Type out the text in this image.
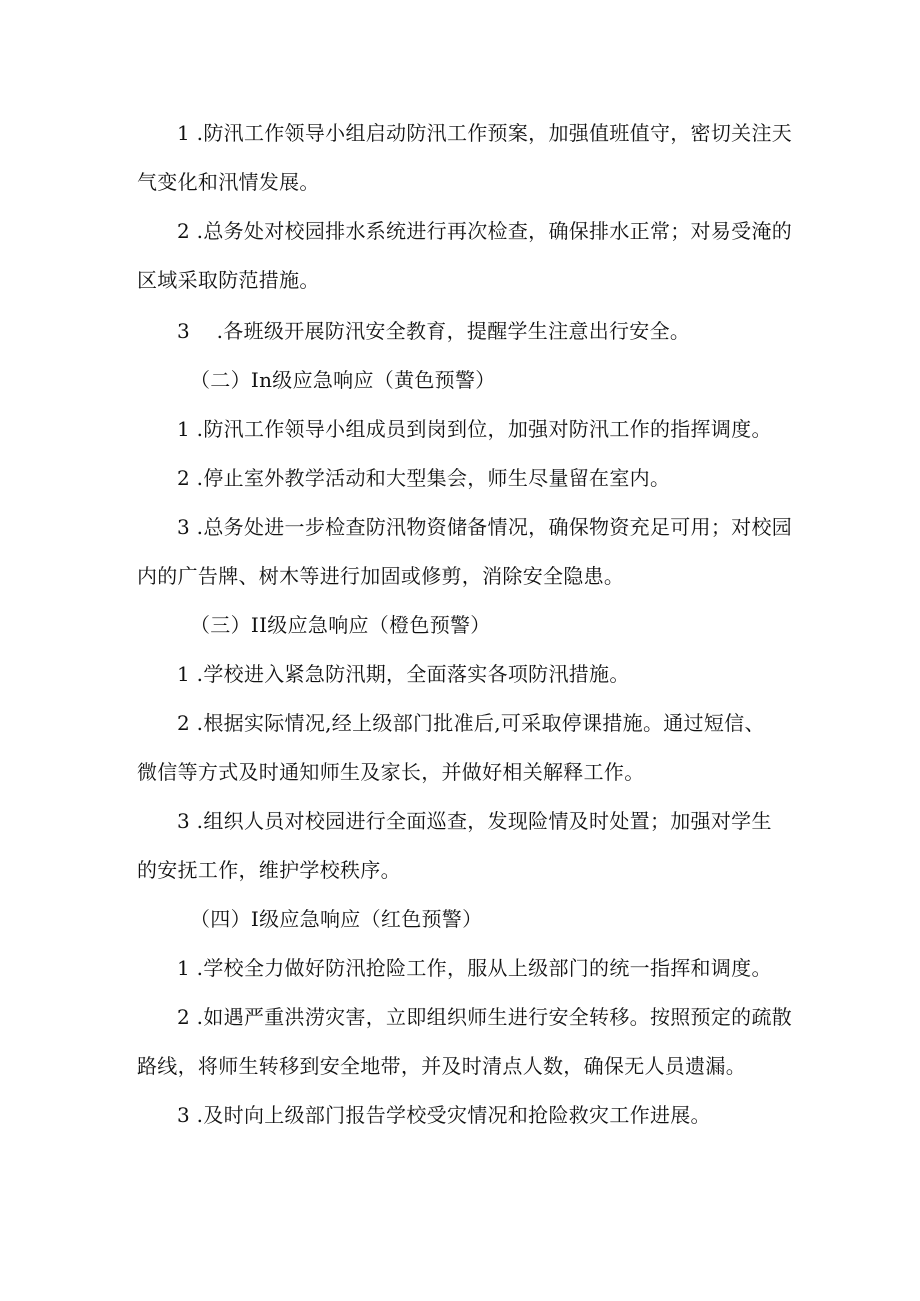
1 .防汛工作领导小组启动防汛工作预案，加强值班值守，密切关注天
气变化和汛情发展。
2 .总务处对校园排水系统进行再次检查，确保排水正常；对易受淹的
区域采取防范措施。
3    .各班级开展防汛安全教育，提醒学生注意出行安全。
（二）In级应急响应（黄色预警）
1 .防汛工作领导小组成员到岗到位，加强对防汛工作的指挥调度。
2 .停止室外教学活动和大型集会，师生尽量留在室内。
3 .总务处进一步检查防汛物资储备情况，确保物资充足可用；对校园
内的广告牌、树木等进行加固或修剪，消除安全隐患。
（三）II级应急响应（橙色预警）
1 .学校进入紧急防汛期，全面落实各项防汛措施。
2 .根据实际情况,经上级部门批准后,可采取停课措施。通过短信、
微信等方式及时通知师生及家长，并做好相关解释工作。
3 .组织人员对校园进行全面巡查，发现险情及时处置；加强对学生
的安抚工作，维护学校秩序。
（四）I级应急响应（红色预警）
1 .学校全力做好防汛抢险工作，服从上级部门的统一指挥和调度。
2 .如遇严重洪涝灾害，立即组织师生进行安全转移。按照预定的疏散
路线，将师生转移到安全地带，并及时清点人数，确保无人员遗漏。
3 .及时向上级部门报告学校受灾情况和抢险救灾工作进展。
